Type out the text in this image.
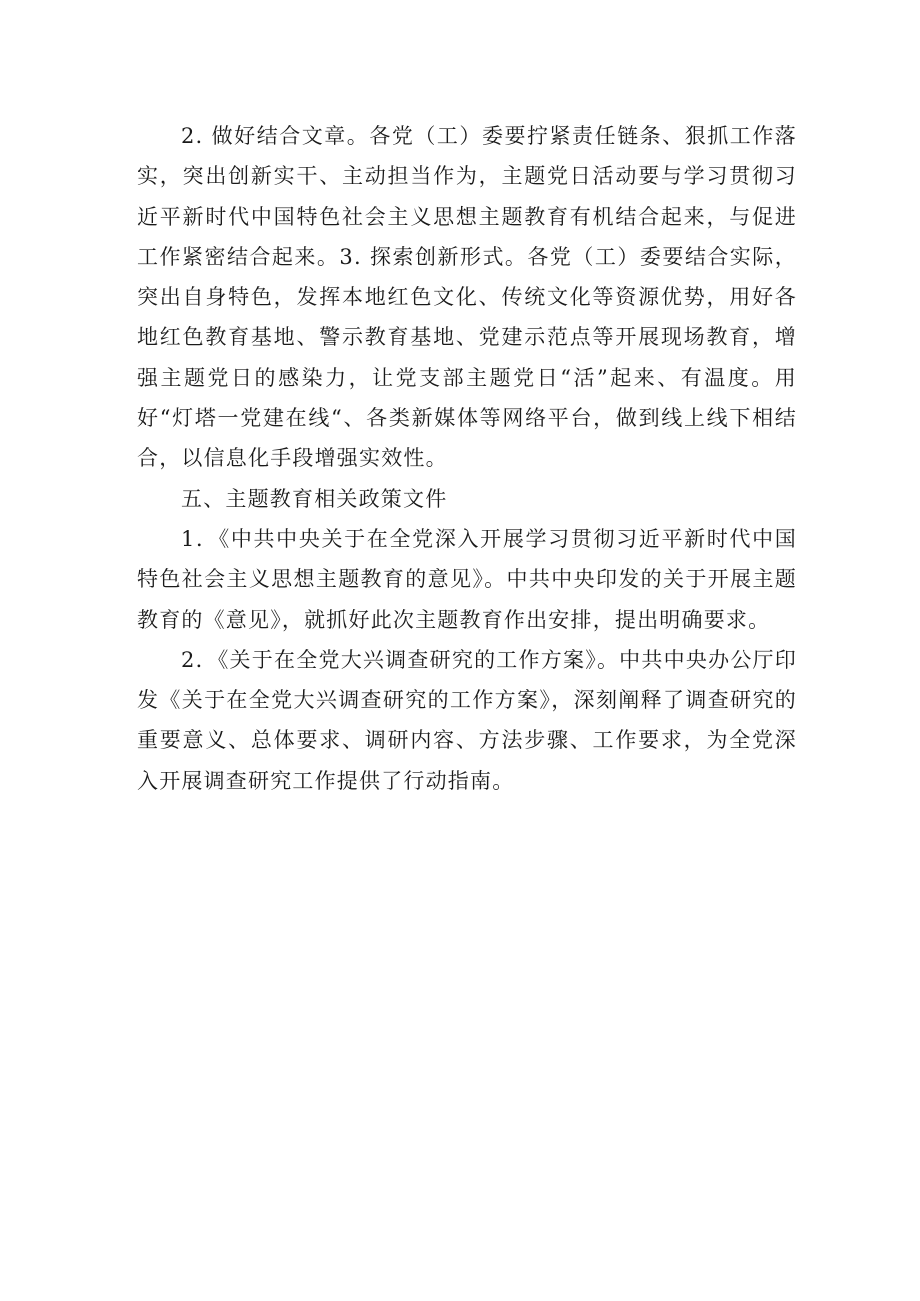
2. 做好结合文章。各党（工）委要拧紧责任链条、狠抓工作落实，突出创新实干、主动担当作为，主题党日活动要与学习贯彻习近平新时代中国特色社会主义思想主题教育有机结合起来，与促进工作紧密结合起来。3. 探索创新形式。各党（工）委要结合实际，突出自身特色，发挥本地红色文化、传统文化等资源优势，用好各地红色教育基地、警示教育基地、党建示范点等开展现场教育，增强主题党日的感染力，让党支部主题党日“活”起来、有温度。用好“灯塔一党建在线“、各类新媒体等网络平台，做到线上线下相结合，以信息化手段增强实效性。

五、主题教育相关政策文件

1．《中共中央关于在全党深入开展学习贯彻习近平新时代中国特色社会主义思想主题教育的意见》。中共中央印发的关于开展主题教育的《意见》，就抓好此次主题教育作出安排，提出明确要求。

2．《关于在全党大兴调查研究的工作方案》。中共中央办公厅印发《关于在全党大兴调查研究的工作方案》，深刻阐释了调查研究的重要意义、总体要求、调研内容、方法步骤、工作要求，为全党深入开展调查研究工作提供了行动指南。
